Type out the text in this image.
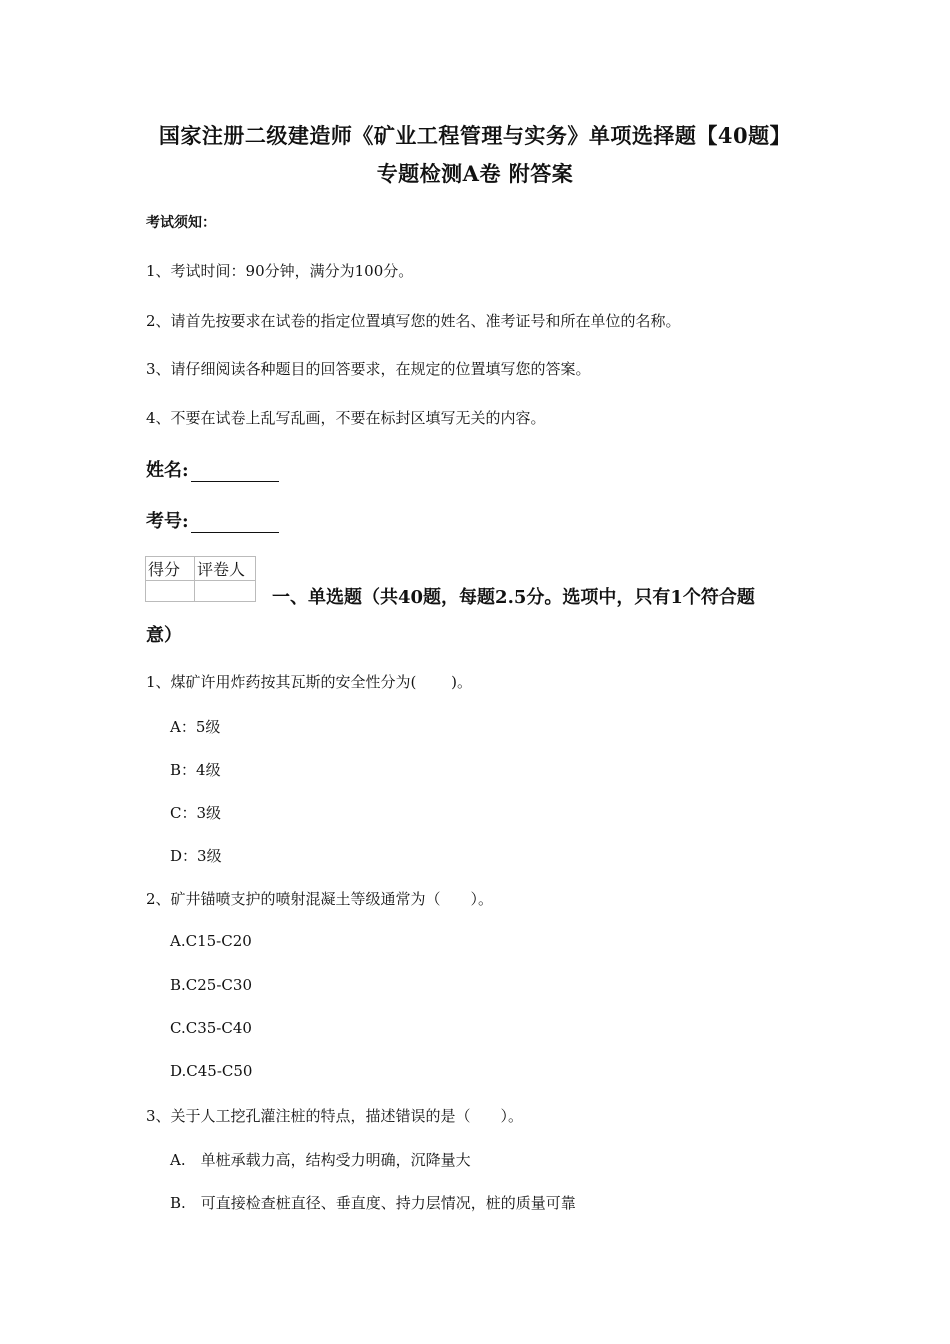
国家注册二级建造师《矿业工程管理与实务》单项选择题【40题】
专题检测A卷 附答案
考试须知：
1、考试时间：90分钟，满分为100分。
2、请首先按要求在试卷的指定位置填写您的姓名、准考证号和所在单位的名称。
3、请仔细阅读各种题目的回答要求，在规定的位置填写您的答案。
4、不要在试卷上乱写乱画，不要在标封区填写无关的内容。
姓名:
考号:
得分	评卷人

一、单选题（共40题，每题2.5分。选项中，只有1个符合题
意）
1、煤矿许用炸药按其瓦斯的安全性分为(　　 )。
A：5级
B：4级
C：3级
D：3级
2、矿井锚喷支护的喷射混凝土等级通常为（　　）。
A.C15-C20
B.C25-C30
C.C35-C40
D.C45-C50
3、关于人工挖孔灌注桩的特点，描述错误的是（　　）。
A.　单桩承载力高，结构受力明确，沉降量大
B.　可直接检查桩直径、垂直度、持力层情况，桩的质量可靠
